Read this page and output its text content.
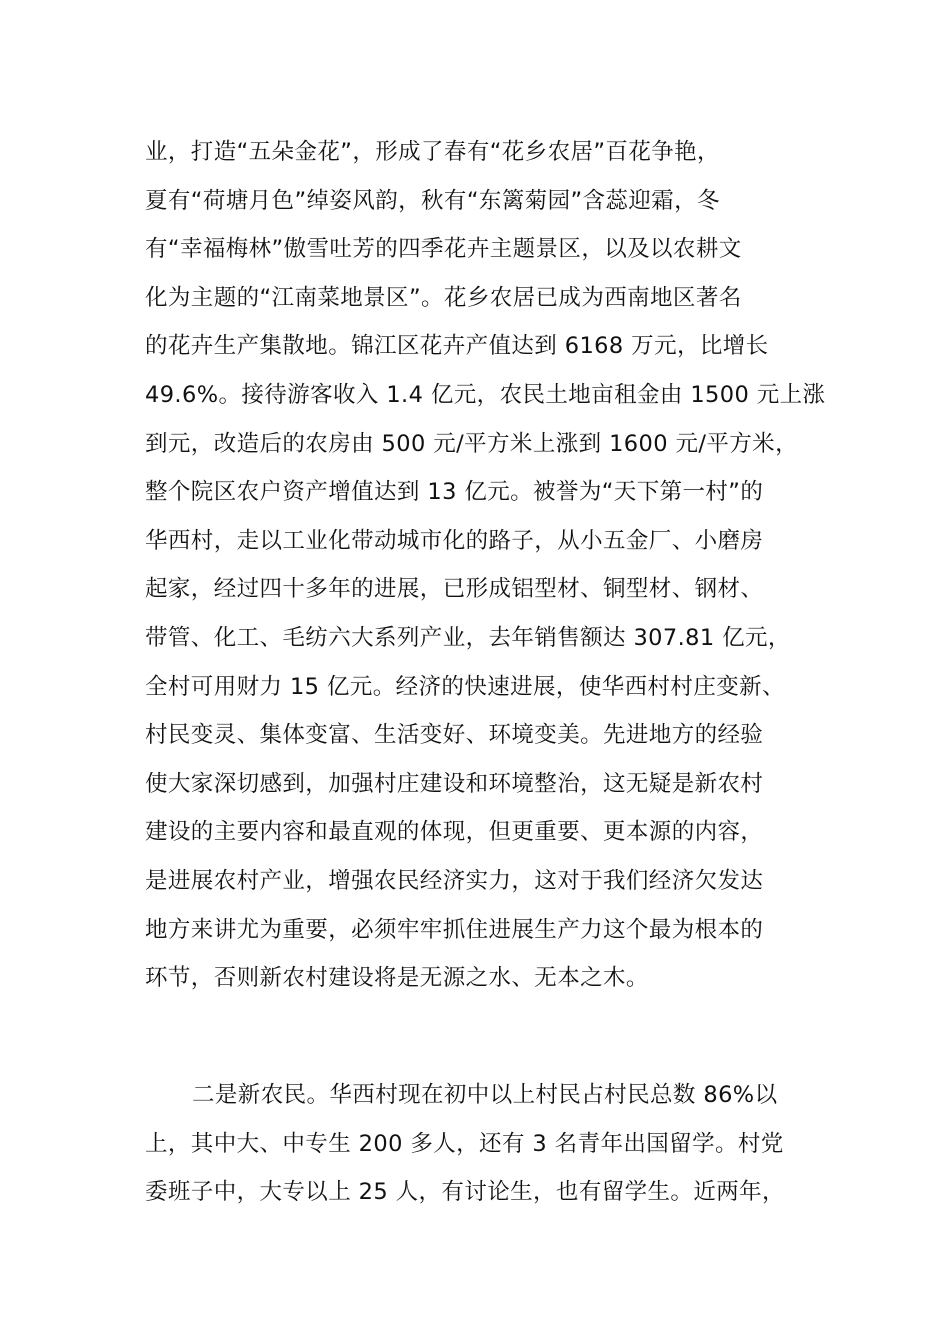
业，打造“五朵金花”，形成了春有“花乡农居”百花争艳，
夏有“荷塘月色”绰姿风韵，秋有“东篱菊园”含蕊迎霜，冬
有“幸福梅林”傲雪吐芳的四季花卉主题景区，以及以农耕文
化为主题的“江南菜地景区”。花乡农居已成为西南地区著名
的花卉生产集散地。锦江区花卉产值达到 6168 万元，比增长
49.6%。接待游客收入 1.4 亿元，农民土地亩租金由 1500 元上涨
到元，改造后的农房由 500 元/平方米上涨到 1600 元/平方米，
整个院区农户资产增值达到 13 亿元。被誉为“天下第一村”的
华西村，走以工业化带动城市化的路子，从小五金厂、小磨房
起家，经过四十多年的进展，已形成铝型材、铜型材、钢材、
带管、化工、毛纺六大系列产业，去年销售额达 307.81 亿元，
全村可用财力 15 亿元。经济的快速进展，使华西村村庄变新、
村民变灵、集体变富、生活变好、环境变美。先进地方的经验
使大家深切感到，加强村庄建设和环境整治，这无疑是新农村
建设的主要内容和最直观的体现，但更重要、更本源的内容，
是进展农村产业，增强农民经济实力，这对于我们经济欠发达
地方来讲尤为重要，必须牢牢抓住进展生产力这个最为根本的
环节，否则新农村建设将是无源之水、无本之木。
二是新农民。华西村现在初中以上村民占村民总数 86%以
上，其中大、中专生 200 多人，还有 3 名青年出国留学。村党
委班子中，大专以上 25 人，有讨论生，也有留学生。近两年，
